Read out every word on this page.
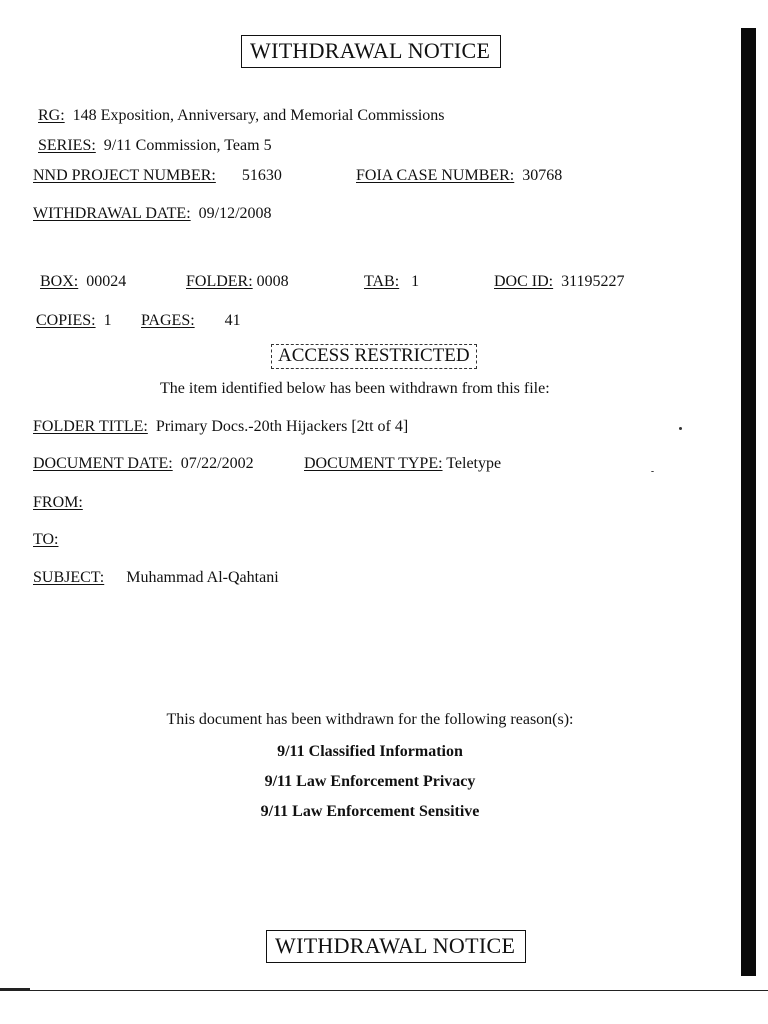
WITHDRAWAL NOTICE
RG: 148 Exposition, Anniversary, and Memorial Commissions
SERIES: 9/11 Commission, Team 5
NND PROJECT NUMBER: 51630	FOIA CASE NUMBER: 30768
WITHDRAWAL DATE: 09/12/2008
BOX: 00024	FOLDER: 0008	TAB: 1	DOC ID: 31195227
COPIES: 1 PAGES: 41
ACCESS RESTRICTED
The item identified below has been withdrawn from this file:
FOLDER TITLE: Primary Docs.-20th Hijackers [2tt of 4]
DOCUMENT DATE: 07/22/2002	DOCUMENT TYPE: Teletype
FROM:
TO:
SUBJECT: Muhammad Al-Qahtani
This document has been withdrawn for the following reason(s):
9/11 Classified Information
9/11 Law Enforcement Privacy
9/11 Law Enforcement Sensitive
WITHDRAWAL NOTICE
